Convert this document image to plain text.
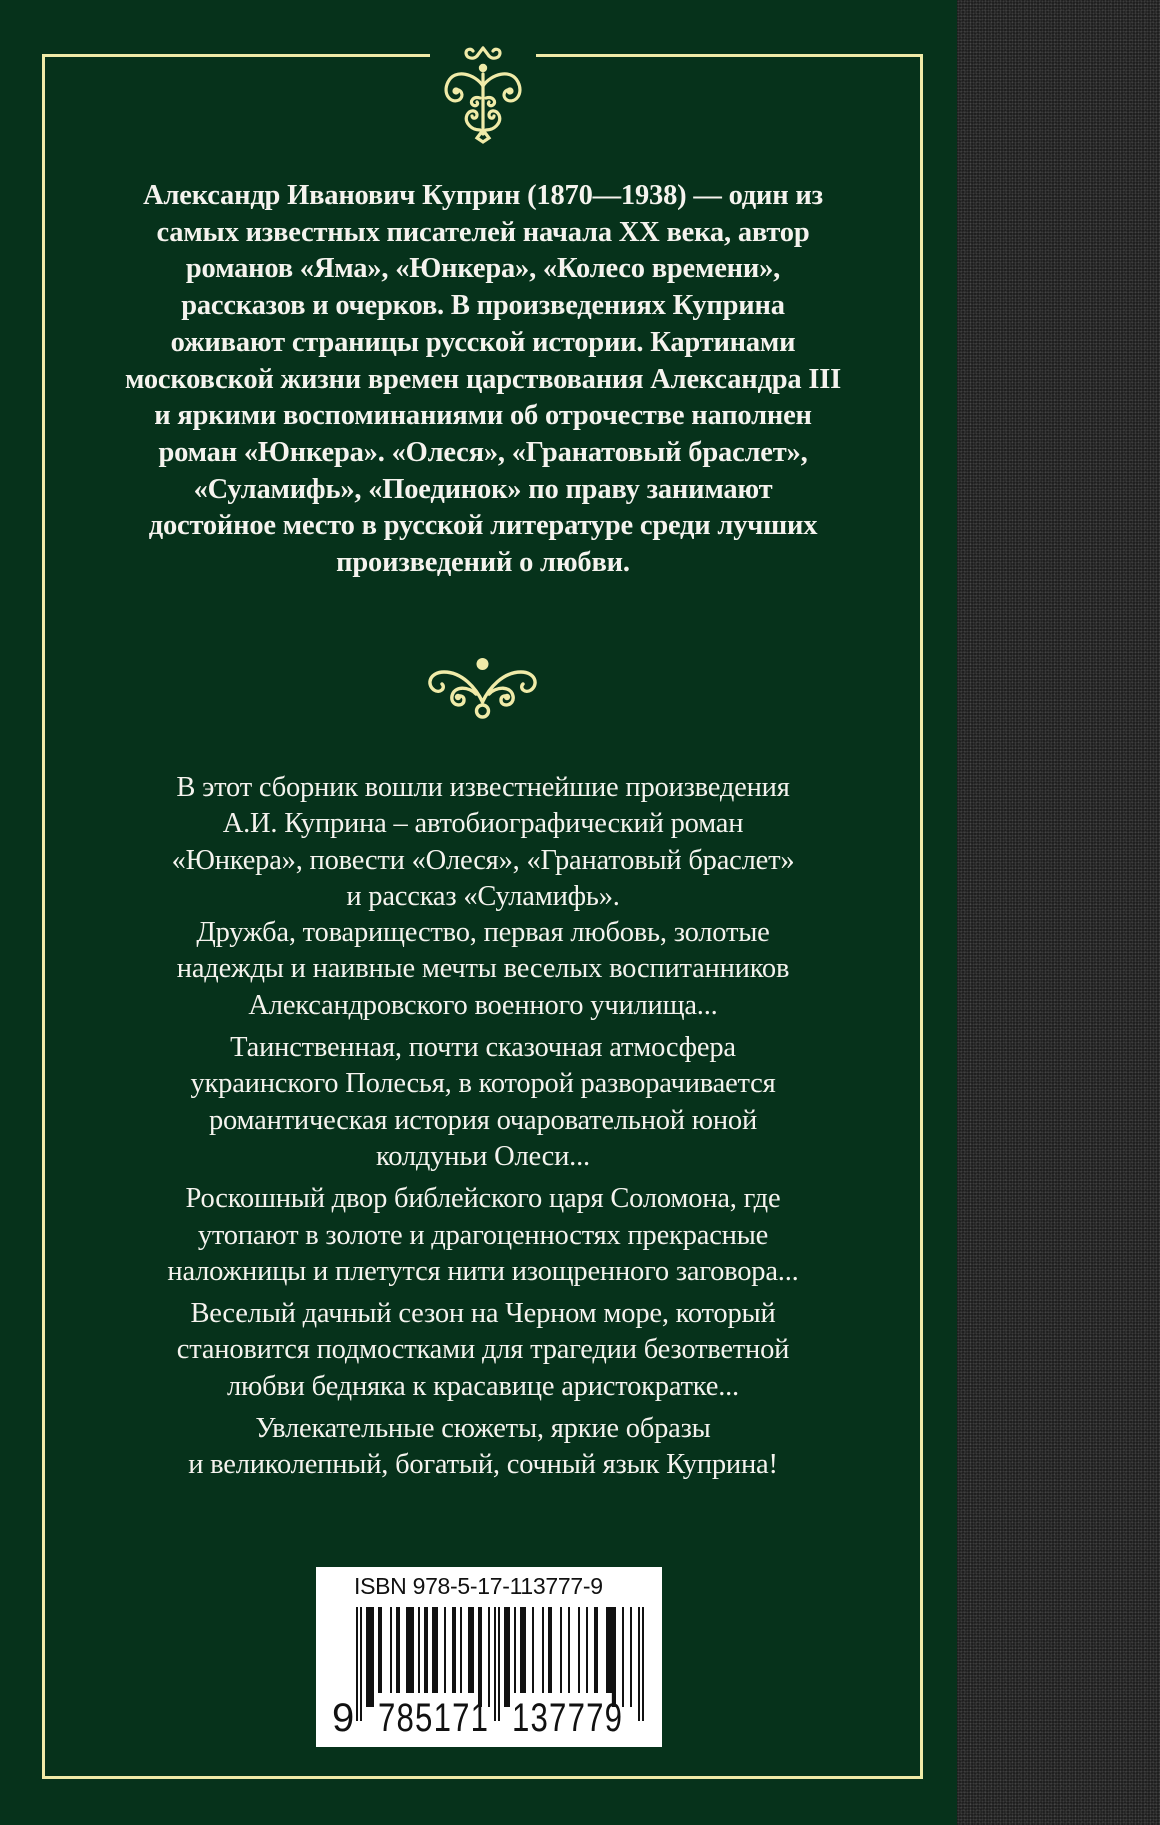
Александр Иванович Куприн (1870—1938) — один из
самых известных писателей начала XX века, автор
романов «Яма», «Юнкера», «Колесо времени»,
рассказов и очерков. В произведениях Куприна
оживают страницы русской истории. Картинами
московской жизни времен царствования Александра III
и яркими воспоминаниями об отрочестве наполнен
роман «Юнкера». «Олеся», «Гранатовый браслет»,
«Суламифь», «Поединок» по праву занимают
достойное место в русской литературе среди лучших
произведений о любви.
В этот сборник вошли известнейшие произведения
А.И. Куприна – автобиографический роман
«Юнкера», повести «Олеся», «Гранатовый браслет»
и рассказ «Суламифь».
Дружба, товарищество, первая любовь, золотые
надежды и наивные мечты веселых воспитанников
Александровского военного училища...
Таинственная, почти сказочная атмосфера
украинского Полесья, в которой разворачивается
романтическая история очаровательной юной
колдуньи Олеси...
Роскошный двор библейского царя Соломона, где
утопают в золоте и драгоценностях прекрасные
наложницы и плетутся нити изощренного заговора...
Веселый дачный сезон на Черном море, который
становится подмостками для трагедии безответной
любви бедняка к красавице аристократке...
Увлекательные сюжеты, яркие образы
и великолепный, богатый, сочный язык Куприна!
ISBN 978-5-17-113777-9
9 785171 137779
